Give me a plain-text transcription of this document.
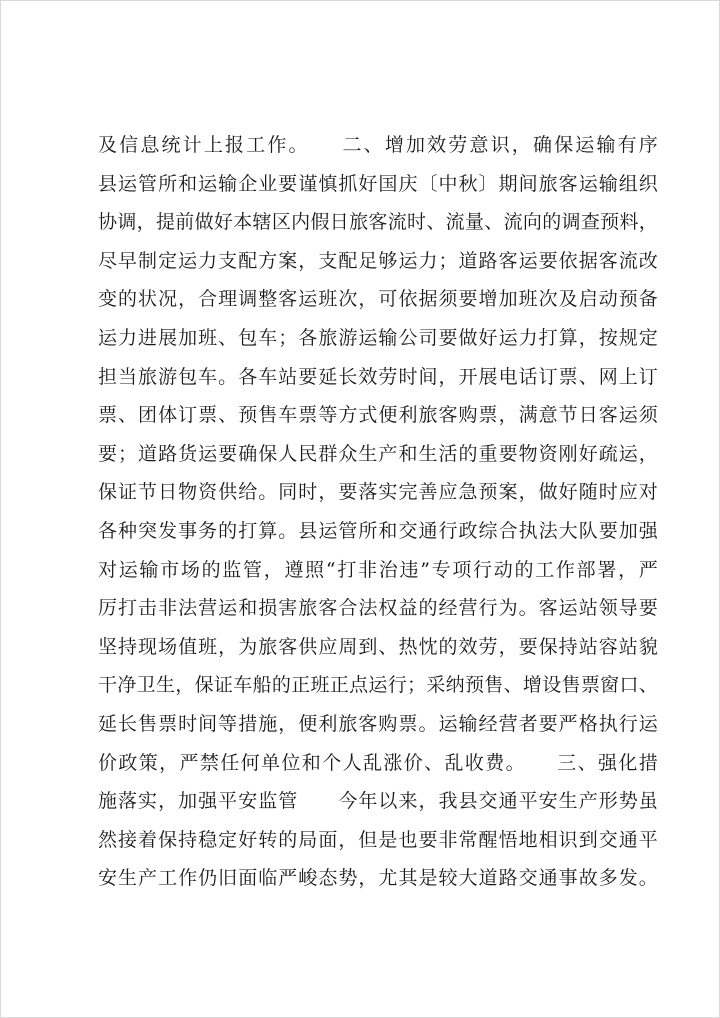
及信息统计上报工作。　　二、增加效劳意识，确保运输有序
县运管所和运输企业要谨慎抓好国庆〔中秋〕期间旅客运输组织
协调，提前做好本辖区内假日旅客流时、流量、流向的调查预料，
尽早制定运力支配方案，支配足够运力；道路客运要依据客流改
变的状况，合理调整客运班次，可依据须要增加班次及启动预备
运力进展加班、包车；各旅游运输公司要做好运力打算，按规定
担当旅游包车。各车站要延长效劳时间，开展电话订票、网上订
票、团体订票、预售车票等方式便利旅客购票，满意节日客运须
要；道路货运要确保人民群众生产和生活的重要物资刚好疏运，
保证节日物资供给。同时，要落实完善应急预案，做好随时应对
各种突发事务的打算。县运管所和交通行政综合执法大队要加强
对运输市场的监管，遵照“打非治违”专项行动的工作部署，严
厉打击非法营运和损害旅客合法权益的经营行为。客运站领导要
坚持现场值班，为旅客供应周到、热忱的效劳，要保持站容站貌
干净卫生，保证车船的正班正点运行；采纳预售、增设售票窗口、
延长售票时间等措施，便利旅客购票。运输经营者要严格执行运
价政策，严禁任何单位和个人乱涨价、乱收费。　　三、强化措
施落实，加强平安监管　　今年以来，我县交通平安生产形势虽
然接着保持稳定好转的局面，但是也要非常醒悟地相识到交通平
安生产工作仍旧面临严峻态势，尤其是较大道路交通事故多发。
